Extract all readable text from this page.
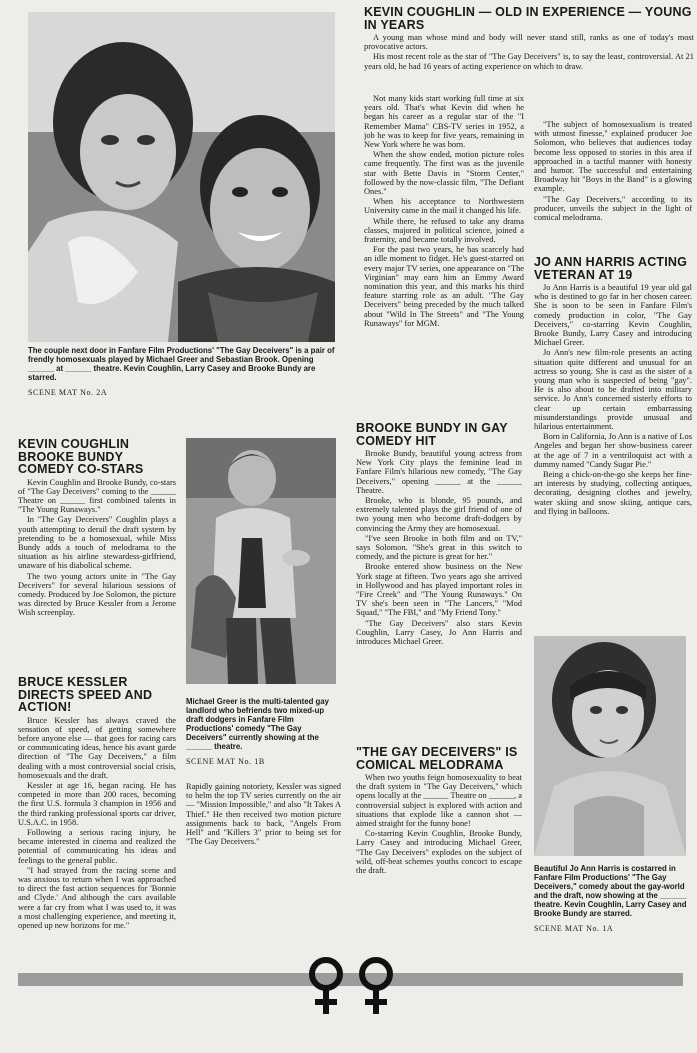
The couple next door in Fanfare Film Productions' "The Gay Deceivers" is a pair of frendly homosexuals played by Michael Greer and Sebastian Brook. Opening ______ at ______ theatre. Kevin Coughlin, Larry Casey and Brooke Bundy are starred.

SCENE MAT No. 2A

KEVIN COUGHLIN BROOKE BUNDY COMEDY CO-STARS

Kevin Coughlin and Brooke Bundy, co-stars of "The Gay Deceivers" coming to the ______ Theatre on ______ first combined talents in "The Young Runaways."

In "The Gay Deceivers" Coughlin plays a youth attempting to derail the draft system by pretending to be a homosexual, while Miss Bundy adds a touch of melodrama to the situation as his airline stewardess-girlfriend, unaware of his diabolical scheme.

The two young actors unite in "The Gay Deceivers" for several hilarious sessions of comedy. Produced by Joe Solomon, the picture was directed by Bruce Kessler from a Jerome Wish screenplay.

Michael Greer is the multi-talented gay landlord who befriends two mixed-up draft dodgers in Fanfare Film Productions' comedy "The Gay Deceivers" currently showing at the ______ theatre.

SCENE MAT No. 1B

BRUCE KESSLER DIRECTS SPEED AND ACTION!

Bruce Kessler has always craved the sensation of speed, of getting somewhere before anyone else — that goes for racing cars or communicating ideas, hence his avant garde direction of "The Gay Deceivers," a film dealing with a most controversial social crisis, homosexuals and the draft.

Kessler at age 16, began racing. He has competed in more than 200 races, becoming the first U.S. formula 3 champion in 1956 and the third ranking professional sports car driver, U.S.A.C. in 1958.

Following a serious racing injury, he became interested in cinema and realized the potential of communicating his ideas and feelings to the general public.

"I had strayed from the racing scene and was anxious to return when I was approached to direct the fast action sequences for 'Bonnie and Clyde.' And although the cars available were a far cry from what I was used to, it was a most challenging experience, and meeting it, opened up new horizons for me."

Rapidly gaining notoriety, Kessler was signed to helm the top TV series currently on the air — "Mission Impossible," and also "It Takes A Thief." He then received two motion picture assignments back to back, "Angels From Hell" and "Killers 3" prior to being set for "The Gay Deceivers."

KEVIN COUGHLIN — OLD IN EXPERIENCE — YOUNG IN YEARS

A young man whose mind and body will never stand still, ranks as one of today's most provocative actors.

His most recent role as the star of "The Gay Deceivers" is, to say the least, controversial. At 21 years old, he had 16 years of acting experience on which to draw.

Not many kids start working full time at six years old. That's what Kevin did when he began his career as a regular star of the "I Remember Mama" CBS-TV series in 1952, a job he was to keep for five years, remaining in New York where he was born.

When the show ended, motion picture roles came frequently. The first was as the juvenile star with Bette Davis in "Storm Center," followed by the now-classic film, "The Defiant Ones."

When his acceptance to Northwestern University came in the mail it changed his life.

While there, he refused to take any drama classes, majored in political science, joined a fraternity, and became totally involved.

For the past two years, he has scarcely had an idle moment to fidget. He's guest-starred on every major TV series, one appearance on "The Virginian" may earn him an Emmy Award nomination this year, and this marks his third feature starring role as an adult. "The Gay Deceivers" being preceded by the much talked about "Wild In The Streets" and "The Young Runaways" for MGM.

"The subject of homosexualism is treated with utmost finesse," explained producer Joe Solomon, who believes that audiences today become less opposed to stories in this area if approached in a tactful manner with honesty and humor. The successful and entertaining Broadway hit "Boys in the Band" is a glowing example.

"The Gay Deceivers," according to its producer, unveils the subject in the light of comical melodrama.

JO ANN HARRIS ACTING VETERAN AT 19

Jo Ann Harris is a beautiful 19 year old gal who is destined to go far in her chosen career. She is soon to be seen in Fanfare Film's comedy production in color, "The Gay Deceivers," co-starring Kevin Coughlin, Brooke Bundy, Larry Casey and introducing Michael Greer.

Jo Ann's new film-role presents an acting situation quite different and unusual for an actress so young. She is cast as the sister of a young man who is suspected of being "gay". He is also about to be drafted into military service. Jo Ann's concerned sisterly efforts to clear up certain embarrassing misunderstandings provide unusual and hilarious entertainment.

Born in California, Jo Ann is a native of Los Angeles and began her show-business career at the age of 7 in a ventriloquist act with a dummy named "Candy Sugar Pie."

Being a chick-on-the-go she keeps her fine-art interests by studying, collecting antiques, decorating, designing clothes and jewelry, water skiing and snow skiing, antique cars, and flying in balloons.

BROOKE BUNDY IN GAY COMEDY HIT

Brooke Bundy, beautiful young actress from New York City plays the feminine lead in Fanfare Film's hilarious new comedy, "The Gay Deceivers," opening ______ at the ______ Theatre.

Brooke, who is blonde, 95 pounds, and extremely talented plays the girl friend of one of two young men who become draft-dodgers by convincing the Army they are homosexual.

"I've seen Brooke in both film and on TV," says Solomon. "She's great in this switch to comedy, and the picture is great for her."

Brooke entered show business on the New York stage at fifteen. Two years ago she arrived in Hollywood and has played important roles in "Fire Creek" and "The Young Runaways." On TV she's been seen in "The Lancers," "Mod Squad," "The FBI," and "My Friend Tony."

"The Gay Deceivers" also stars Kevin Coughlin, Larry Casey, Jo Ann Harris and introduces Michael Greer.

"THE GAY DECEIVERS" IS COMICAL MELODRAMA

When two youths feign homosexuality to beat the draft system in "The Gay Deceivers," which opens locally at the ______ Theatre on ______, a controversial subject is explored with action and situations that explode like a cannon shot — aimed straight for the funny bone!

Co-starring Kevin Coughlin, Brooke Bundy, Larry Casey and introducing Michael Greer, "The Gay Deceivers" explodes on the subject of wild, off-beat schemes youths concoct to escape the draft.	Beautiful Jo Ann Harris is costarred in Fanfare Film Productions' "The Gay Deceivers," comedy about the gay-world and the draft, now showing at the ______ theatre. Kevin Coughlin, Larry Casey and Brooke Bundy are starred.

SCENE MAT No. 1A
